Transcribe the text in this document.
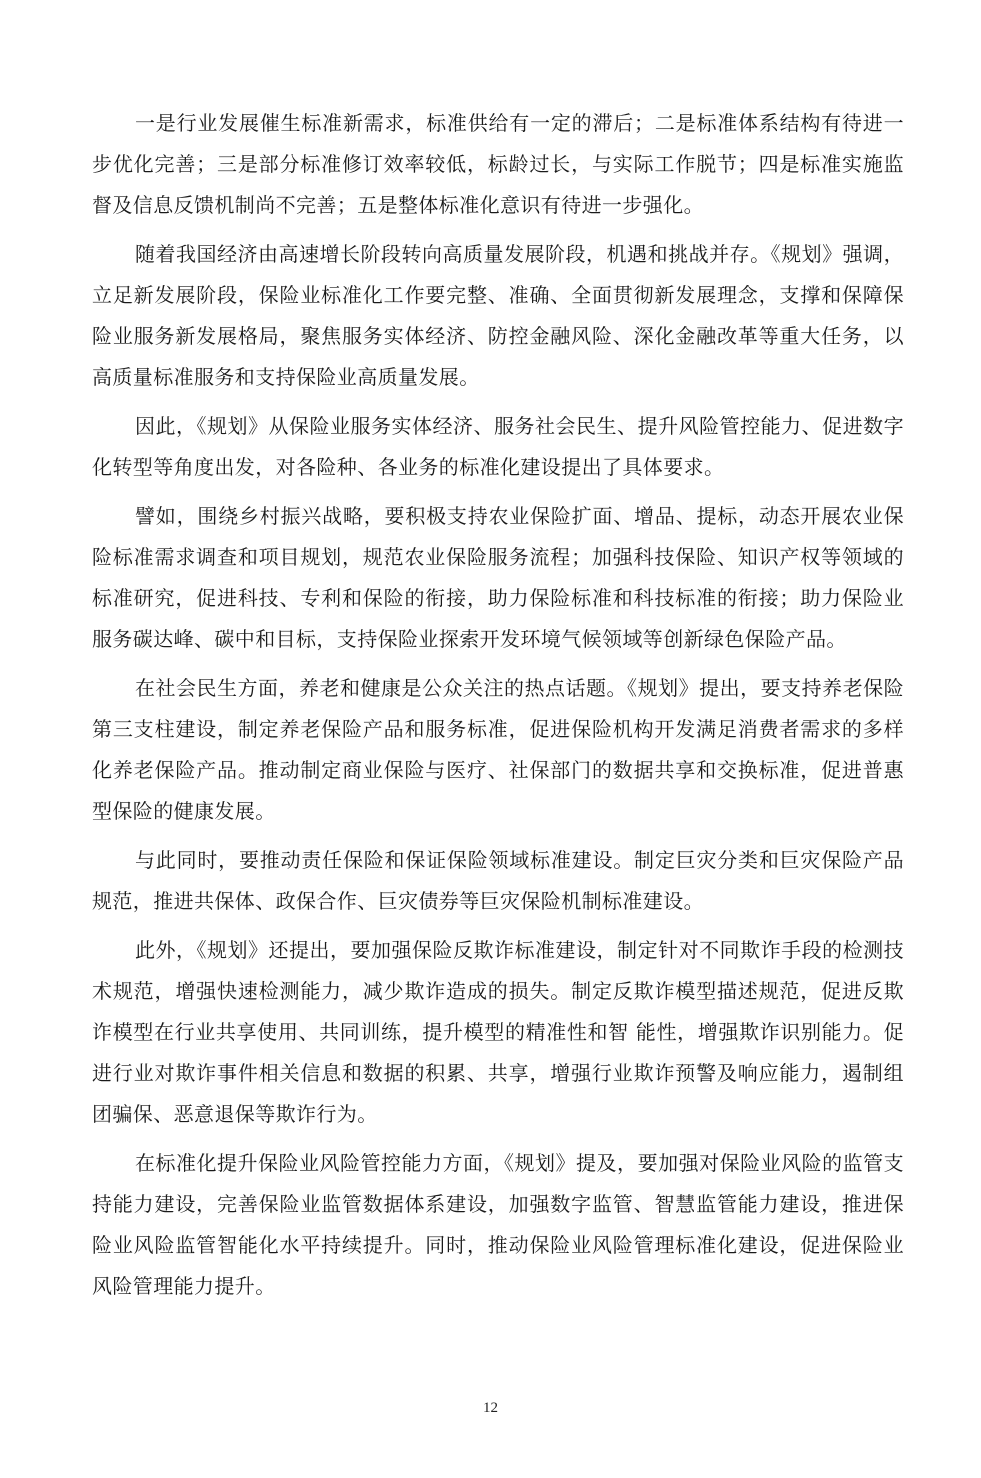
一是行业发展催生标准新需求，标准供给有一定的滞后；二是标准体系结构有待进一步优化完善；三是部分标准修订效率较低，标龄过长，与实际工作脱节；四是标准实施监督及信息反馈机制尚不完善；五是整体标准化意识有待进一步强化。

随着我国经济由高速增长阶段转向高质量发展阶段，机遇和挑战并存。《规划》强调，立足新发展阶段，保险业标准化工作要完整、准确、全面贯彻新发展理念，支撑和保障保险业服务新发展格局，聚焦服务实体经济、防控金融风险、深化金融改革等重大任务，以高质量标准服务和支持保险业高质量发展。

因此，《规划》从保险业服务实体经济、服务社会民生、提升风险管控能力、促进数字化转型等角度出发，对各险种、各业务的标准化建设提出了具体要求。

譬如，围绕乡村振兴战略，要积极支持农业保险扩面、增品、提标，动态开展农业保险标准需求调查和项目规划，规范农业保险服务流程；加强科技保险、知识产权等领域的标准研究，促进科技、专利和保险的衔接，助力保险标准和科技标准的衔接；助力保险业服务碳达峰、碳中和目标，支持保险业探索开发环境气候领域等创新绿色保险产品。

在社会民生方面，养老和健康是公众关注的热点话题。《规划》提出，要支持养老保险第三支柱建设，制定养老保险产品和服务标准，促进保险机构开发满足消费者需求的多样化养老保险产品。推动制定商业保险与医疗、社保部门的数据共享和交换标准，促进普惠型保险的健康发展。

与此同时，要推动责任保险和保证保险领域标准建设。制定巨灾分类和巨灾保险产品规范，推进共保体、政保合作、巨灾债券等巨灾保险机制标准建设。

此外，《规划》还提出，要加强保险反欺诈标准建设，制定针对不同欺诈手段的检测技术规范，增强快速检测能力，减少欺诈造成的损失。制定反欺诈模型描述规范，促进反欺诈模型在行业共享使用、共同训练，提升模型的精准性和智 能性，增强欺诈识别能力。促进行业对欺诈事件相关信息和数据的积累、共享，增强行业欺诈预警及响应能力，遏制组团骗保、恶意退保等欺诈行为。

在标准化提升保险业风险管控能力方面，《规划》提及，要加强对保险业风险的监管支持能力建设，完善保险业监管数据体系建设，加强数字监管、智慧监管能力建设，推进保险业风险监管智能化水平持续提升。同时，推动保险业风险管理标准化建设，促进保险业风险管理能力提升。

12
